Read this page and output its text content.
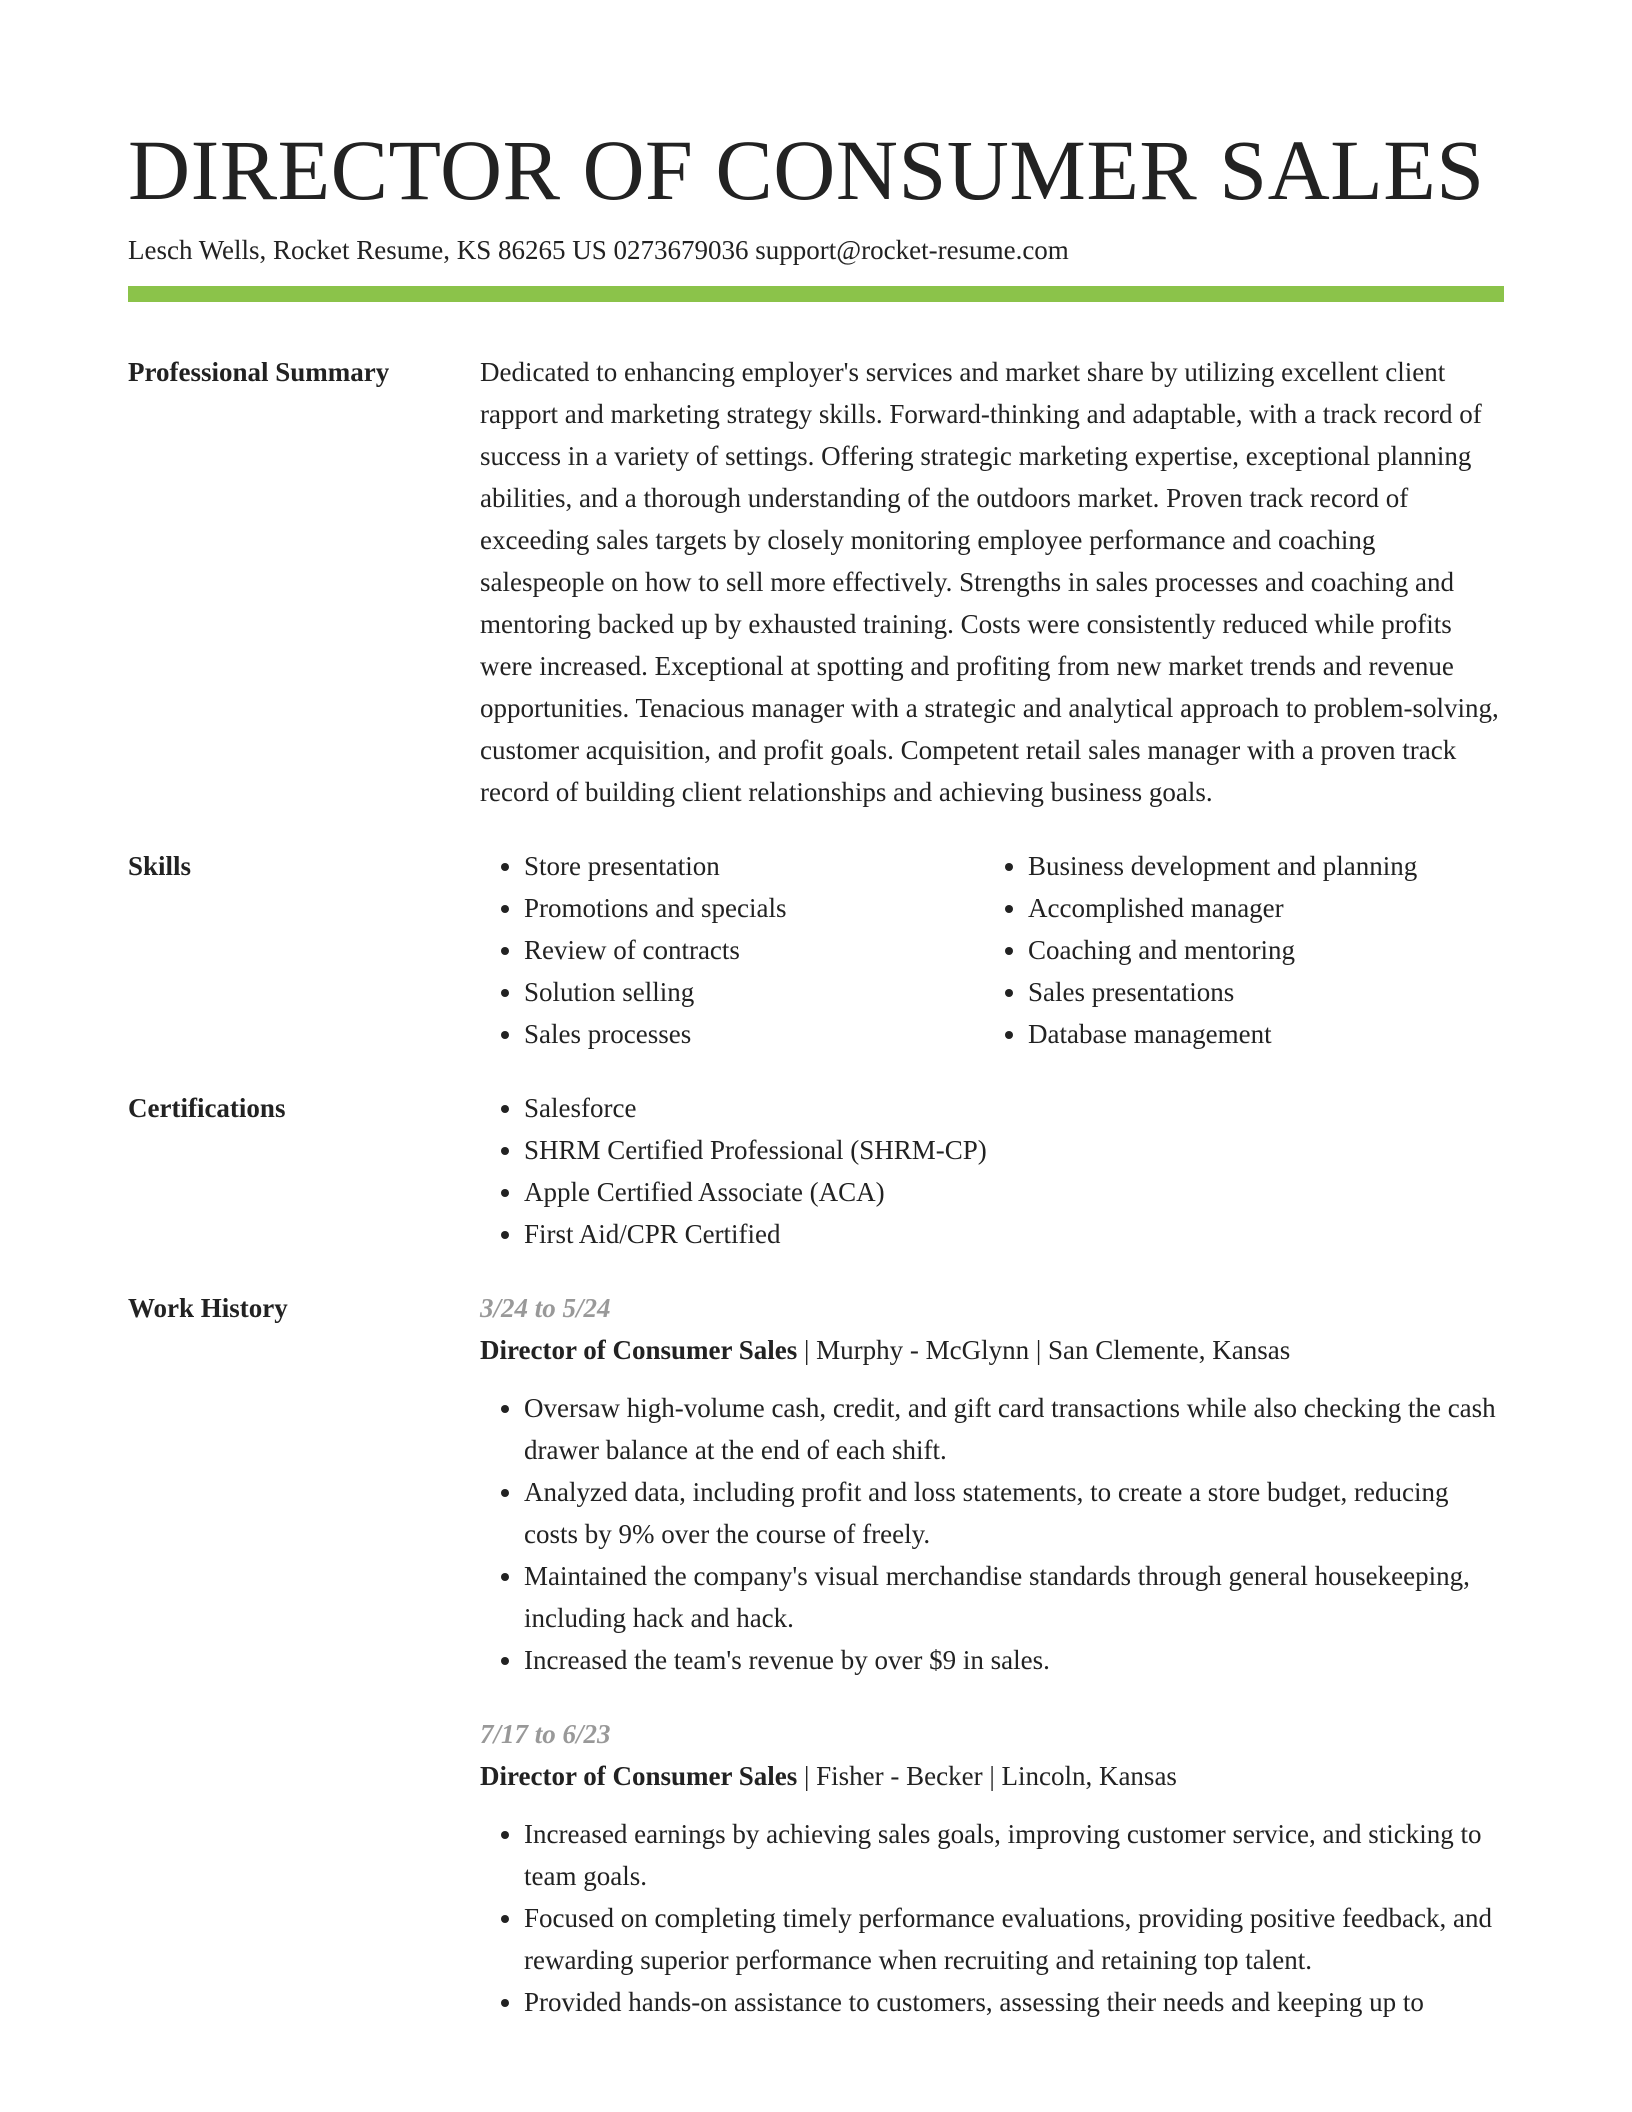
DIRECTOR OF CONSUMER SALES
Lesch Wells, Rocket Resume, KS 86265 US 0273679036 support@rocket-resume.com
Professional Summary	Dedicated to enhancing employer's services and market share by utilizing excellent client rapport and marketing strategy skills. Forward-thinking and adaptable, with a track record of success in a variety of settings. Offering strategic marketing expertise, exceptional planning abilities, and a thorough understanding of the outdoors market. Proven track record of exceeding sales targets by closely monitoring employee performance and coaching salespeople on how to sell more effectively. Strengths in sales processes and coaching and mentoring backed up by exhausted training. Costs were consistently reduced while profits were increased. Exceptional at spotting and profiting from new market trends and revenue opportunities. Tenacious manager with a strategic and analytical approach to problem-solving, customer acquisition, and profit goals. Competent retail sales manager with a proven track record of building client relationships and achieving business goals.
Skills	• Store presentation
• Promotions and specials
• Review of contracts
• Solution selling
• Sales processes
• Business development and planning
• Accomplished manager
• Coaching and mentoring
• Sales presentations
• Database management
Certifications	• Salesforce
• SHRM Certified Professional (SHRM-CP)
• Apple Certified Associate (ACA)
• First Aid/CPR Certified
Work History	3/24 to 5/24
Director of Consumer Sales | Murphy - McGlynn | San Clemente, Kansas
• Oversaw high-volume cash, credit, and gift card transactions while also checking the cash drawer balance at the end of each shift.
• Analyzed data, including profit and loss statements, to create a store budget, reducing costs by 9% over the course of freely.
• Maintained the company's visual merchandise standards through general housekeeping, including hack and hack.
• Increased the team's revenue by over $9 in sales.
7/17 to 6/23
Director of Consumer Sales | Fisher - Becker | Lincoln, Kansas
• Increased earnings by achieving sales goals, improving customer service, and sticking to team goals.
• Focused on completing timely performance evaluations, providing positive feedback, and rewarding superior performance when recruiting and retaining top talent.
• Provided hands-on assistance to customers, assessing their needs and keeping up to
